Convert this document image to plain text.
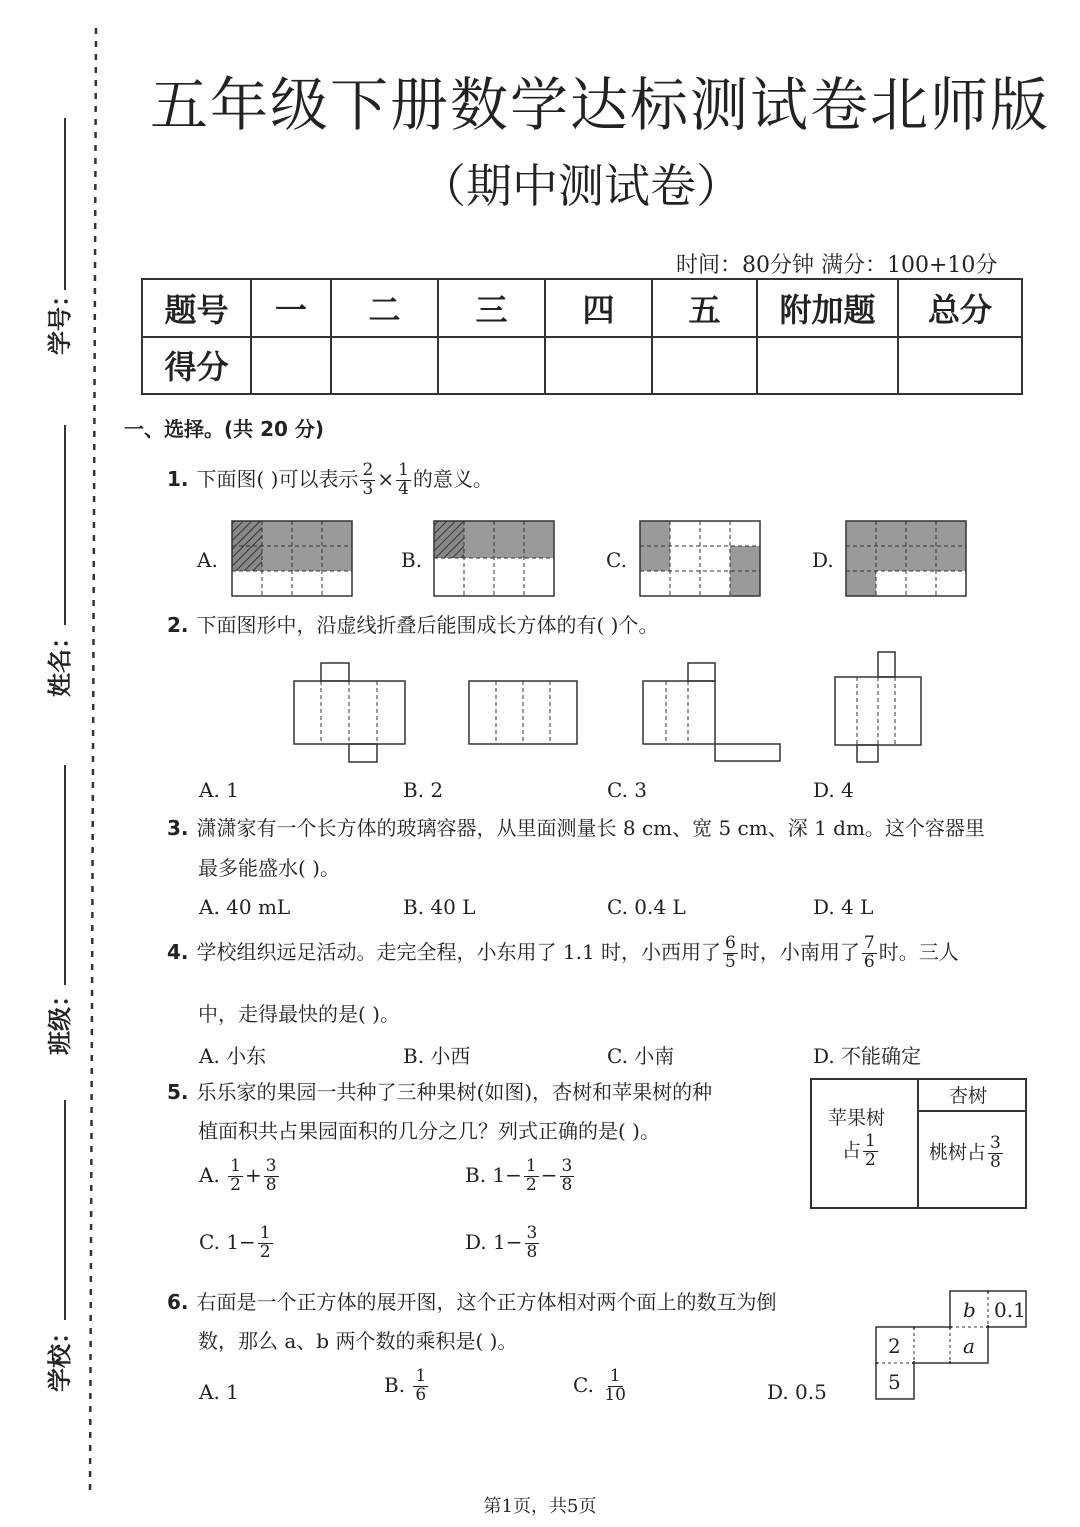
学号：
姓名：
班级：
学校：
五年级下册数学达标测试卷北师版
（期中测试卷）
时间：80分钟 满分：100+10分
题号	一	二	三	四	五	附加题	总分
得分							
一、选择。(共 20 分)
1. 下面图( )可以表示 $\frac{2}{3} \times \frac{1}{4}$ 的意义。
A.	B.	C.	D.
2. 下面图形中，沿虚线折叠后能围成长方体的有( )个。
A. 1	B. 2	C. 3	D. 4
3. 潇潇家有一个长方体的玻璃容器，从里面测量长 8 cm、宽 5 cm、深 1 dm。这个容器里
最多能盛水( )。
A. 40 mL	B. 40 L	C. 0.4 L	D. 4 L
4. 学校组织远足活动。走完全程，小东用了 1.1 时，小西用了 $\frac{6}{5}$ 时，小南用了 $\frac{7}{6}$ 时。三人
中，走得最快的是( )。
A. 小东	B. 小西	C. 小南	D. 不能确定
5. 乐乐家的果园一共种了三种果树(如图)，杏树和苹果树的种
植面积共占果园面积的几分之几？列式正确的是( )。
杏树
苹果树
占 $\frac{1}{2}$	桃树占 $\frac{3}{8}$
A. $\frac{1}{2} + \frac{3}{8}$	B. $1- \frac{1}{2} - \frac{3}{8}$
C. $1- \frac{1}{2}$	D. $1- \frac{3}{8}$
6. 右面是一个正方体的展开图，这个正方体相对两个面上的数互为倒
数，那么 a、b 两个数的乘积是( )。
b 0.1
2	a
5
A. 1	B. $\frac{1}{6}$	C. $\frac{1}{10}$	D. 0.5
第1页，共5页
